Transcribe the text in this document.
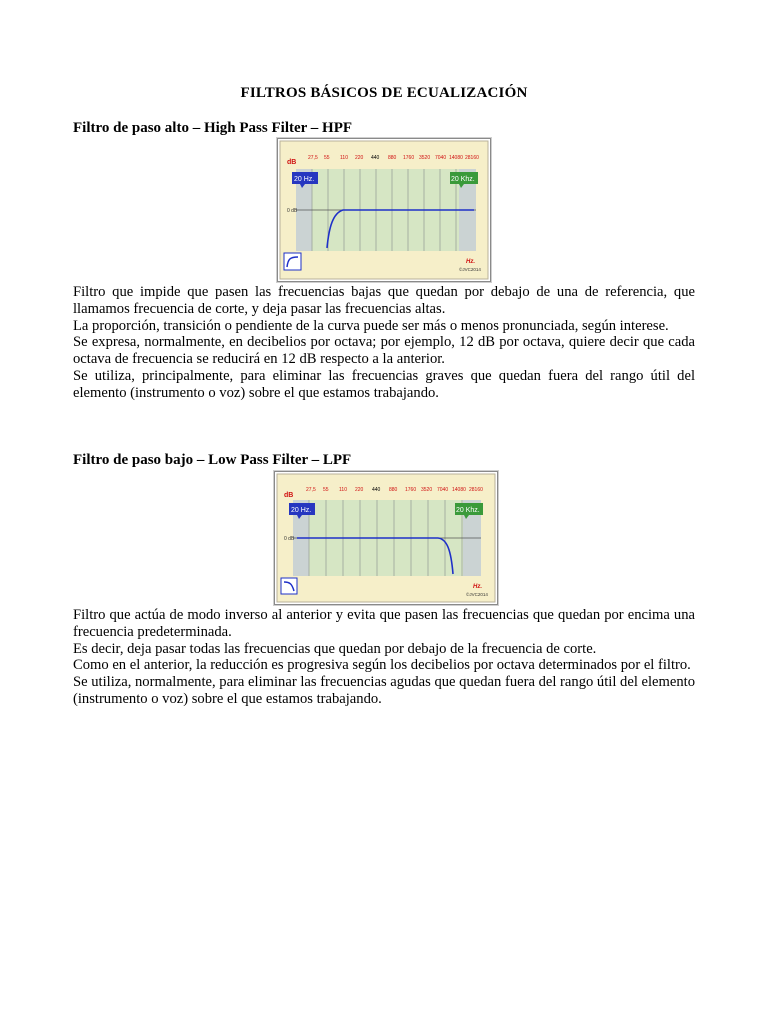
FILTROS BÁSICOS DE ECUALIZACIÓN
Filtro de paso alto – High Pass Filter – HPF
dB
27,5 55 110 220 440 880 1760 3520 7040 14080 28160
0 dB
20 Hz.	20 Khz.
Hz.
©JVC2014

Filtro que impide que pasen las frecuencias bajas que quedan por debajo de una de referencia, que llamamos frecuencia de corte, y deja pasar las frecuencias altas.

La proporción, transición o pendiente de la curva puede ser más o menos pronunciada, según interese.

Se expresa, normalmente, en decibelios por octava; por ejemplo, 12 dB por octava, quiere decir que cada octava de frecuencia se reducirá en 12 dB respecto a la anterior.

Se utiliza, principalmente, para eliminar las frecuencias graves que quedan fuera del rango útil del elemento (instrumento o voz) sobre el que estamos trabajando.

Filtro de paso bajo – Low Pass Filter – LPF
dB
27,5 55 110 220 440 880 1760 3520 7040 14080 28160
0 dB
20 Hz.	20 Khz.
Hz.
©JVC2014

Filtro que actúa de modo inverso al anterior y evita que pasen las frecuencias que quedan por encima una frecuencia predeterminada.

Es decir, deja pasar todas las frecuencias que quedan por debajo de la frecuencia de corte.

Como en el anterior, la reducción es progresiva según los decibelios por octava determinados por el filtro.

Se utiliza, normalmente, para eliminar las frecuencias agudas que quedan fuera del rango útil del elemento (instrumento o voz) sobre el que estamos trabajando.
